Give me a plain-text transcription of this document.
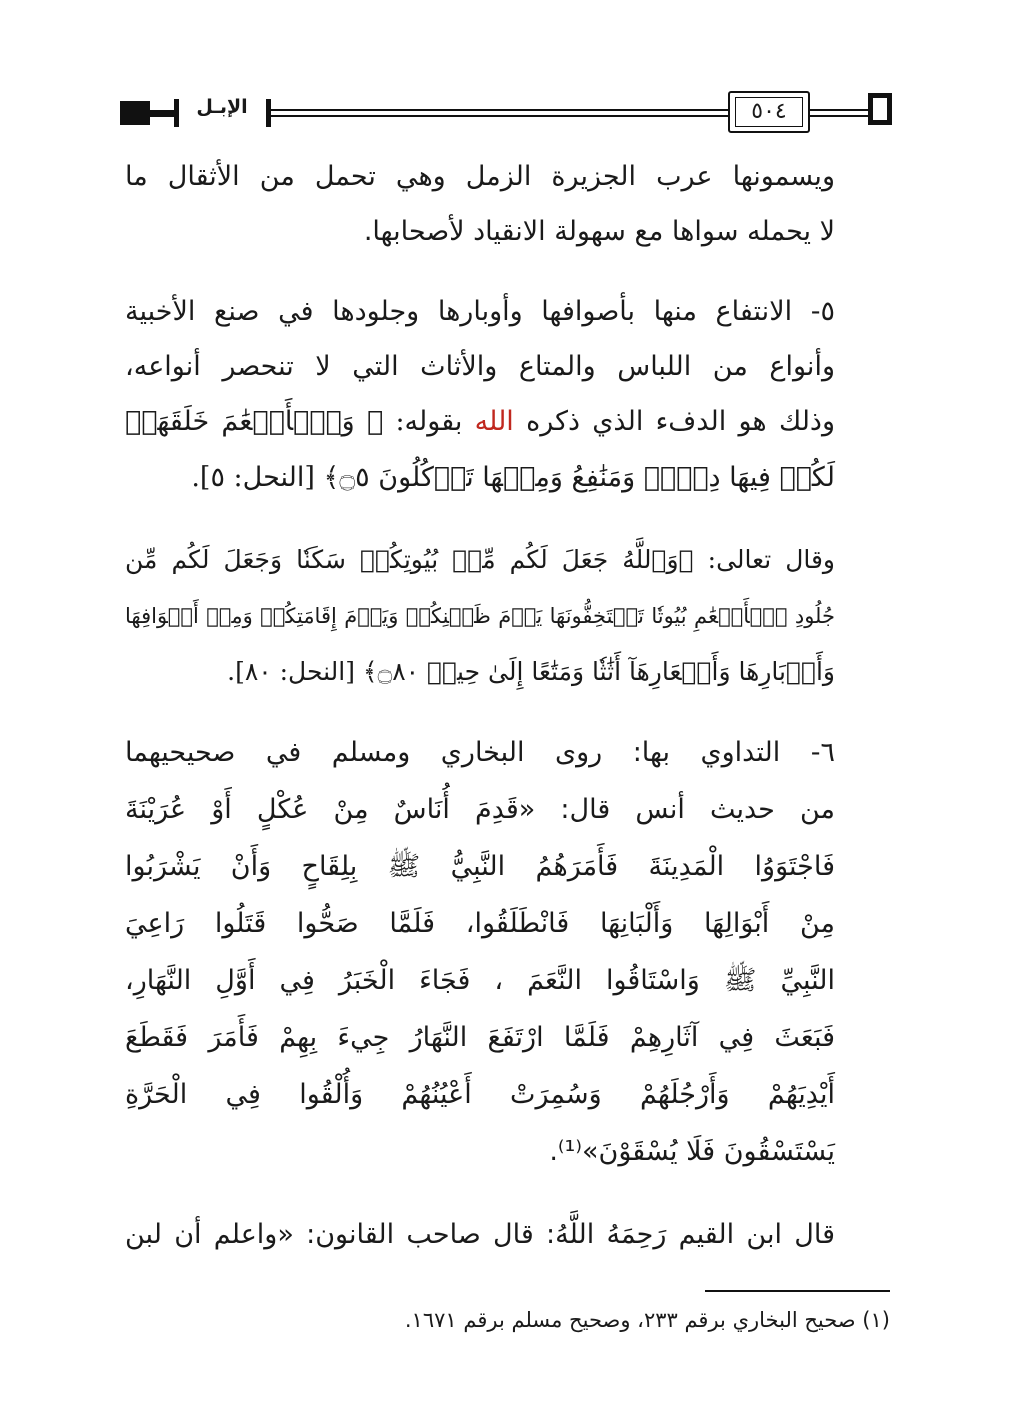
الإبـل	٥٠٤
ويسمونها عرب الجزيرة الزمل وهي تحمل من الأثقال ما
لا يحمله سواها مع سهولة الانقياد لأصحابها.
٥- الانتفاع منها بأصوافها وأوبارها وجلودها في صنع الأخبية
وأنواع من اللباس والمتاع والأثاث التي لا تنحصر أنواعه،
وذلك هو الدفء الذي ذكره الله بقوله: ﴿ وَٱلۡأَنۡعَٰمَ خَلَقَهَاۗ
لَكُمۡ فِيهَا دِفۡءٞ وَمَنَٰفِعُ وَمِنۡهَا تَأۡكُلُونَ ۝٥﴾ [النحل: ٥].
وقال تعالى: ﴿وَٱللَّهُ جَعَلَ لَكُم مِّنۢ بُيُوتِكُمۡ سَكَنٗا وَجَعَلَ لَكُم مِّن
جُلُودِ ٱلۡأَنۡعَٰمِ بُيُوتٗا تَسۡتَخِفُّونَهَا يَوۡمَ ظَعۡنِكُمۡ وَيَوۡمَ إِقَامَتِكُمۡ وَمِنۡ أَصۡوَافِهَا
وَأَوۡبَارِهَا وَأَشۡعَارِهَآ أَثَٰثٗا وَمَتَٰعًا إِلَىٰ حِينٖ ۝٨٠﴾ [النحل: ٨٠].
٦- التداوي بها: روى البخاري ومسلم في صحيحيهما
من حديث أنس قال: «قَدِمَ أُنَاسٌ مِنْ عُكْلٍ أَوْ عُرَيْنَةَ
فَاجْتَوَوُا الْمَدِينَةَ فَأَمَرَهُمُ النَّبِيُّ ﷺ بِلِقَاحٍ وَأَنْ يَشْرَبُوا
مِنْ أَبْوَالِهَا وَأَلْبَانِهَا فَانْطَلَقُوا، فَلَمَّا صَحُّوا قَتَلُوا رَاعِيَ
النَّبِيِّ ﷺ وَاسْتَاقُوا النَّعَمَ ، فَجَاءَ الْخَبَرُ فِي أَوَّلِ النَّهَارِ،
فَبَعَثَ فِي آثَارِهِمْ فَلَمَّا ارْتَفَعَ النَّهَارُ جِيءَ بِهِمْ فَأَمَرَ فَقَطَعَ
أَيْدِيَهُمْ وَأَرْجُلَهُمْ وَسُمِرَتْ أَعْيُنُهُمْ وَأُلْقُوا فِي الْحَرَّةِ
يَسْتَسْقُونَ فَلَا يُسْقَوْنَ»⁽¹⁾.
قال ابن القيم رَحِمَهُ اللَّهُ: قال صاحب القانون: «واعلم أن لبن
(١) صحيح البخاري برقم ٢٣٣، وصحيح مسلم برقم ١٦٧١.
